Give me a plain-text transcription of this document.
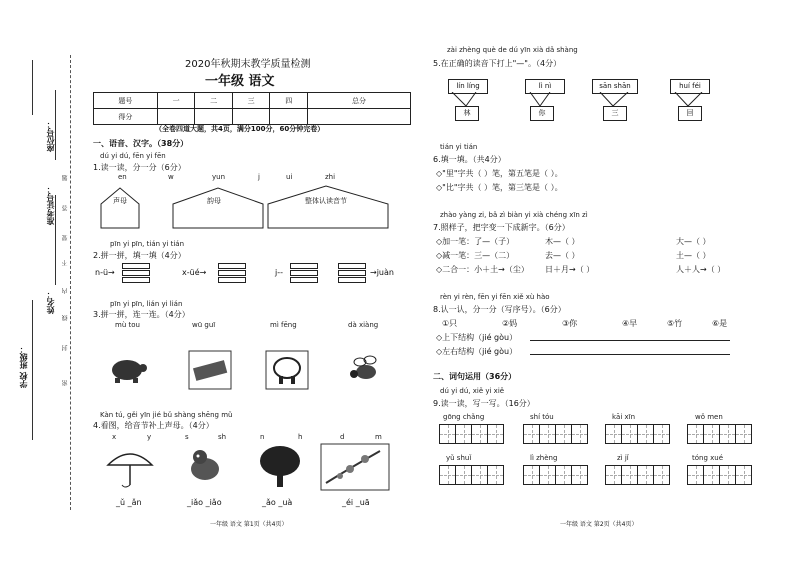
学校 班级：
姓名：
准考证号：
座位号：
题
答
要
不
内
线
封
密
2020年秋期末教学质量检测
一年级 语文
题号	一	二	三	四	总分
得分					
（全卷四道大题，共4页，满分100分，60分钟完卷）
一、语音、汉字。（38分）
dú yi dú, fēn yi fēn
1.读一读，分一分（6分）
en	w	yun	j	ui	zhi
声母	韵母	整体认读音节
pīn yi pīn, tián yi tián
2.拼一拼，填一填（4分）
n-ü→	x-üé→	j--	→juàn
pīn yi pīn, lián yi lián
3.拼一拼，连一连。（4分）
mù tou	wū guī	mì fēng	dà xiàng
Kàn tú, gěi yīn jié bǔ shàng shēng mǔ
4.看图，给音节补上声母。（4分）
x	y	s	sh	n	h	d	m
_ǔ _ǎn	_iǎo _iǎo	_ǎo _uà	_éi _uā
一年级 语文 第1页（共4页）
zài zhèng què de dú yīn xià dǎ shàng
5.在正确的读音下打上"—"。（4分）
lín líng	lì nì	sān shān	huí féi
林	你	三	回
tián yi tián
6.填一填。（共4分）
◇"里"字共（ ）笔，第五笔是（ ）。
◇"比"字共（ ）笔，第三笔是（ ）。
zhào yàng zi, bǎ zì biàn yi xià chéng xīn zì
7.照样子，把字变一下成新字。（6分）
◇加一笔：了—（子）	木—（ ）	大—（ ）
◇减一笔：三—（二）	去—（ ）	土—（ ）
◇二合一：小＋土→（尘） 日＋月→（ ）	人＋人→（ ）
rèn yi rèn, fēn yi fēn xiě xù hào
8.认一认，分一分（写序号）。（6分）
①只	②妈	③你	④早	⑤竹	⑥是
◇上下结构（jié gòu）
◇左右结构（jié gòu）
二、词句运用（36分）
dú yi dú, xiě yi xiě
9.读一读，写一写。（16分）
gōng chǎng	shí tóu	kāi xīn	wǒ men
yǔ shuǐ	lì zhèng	zì jǐ	tóng xué
一年级 语文 第2页（共4页）
